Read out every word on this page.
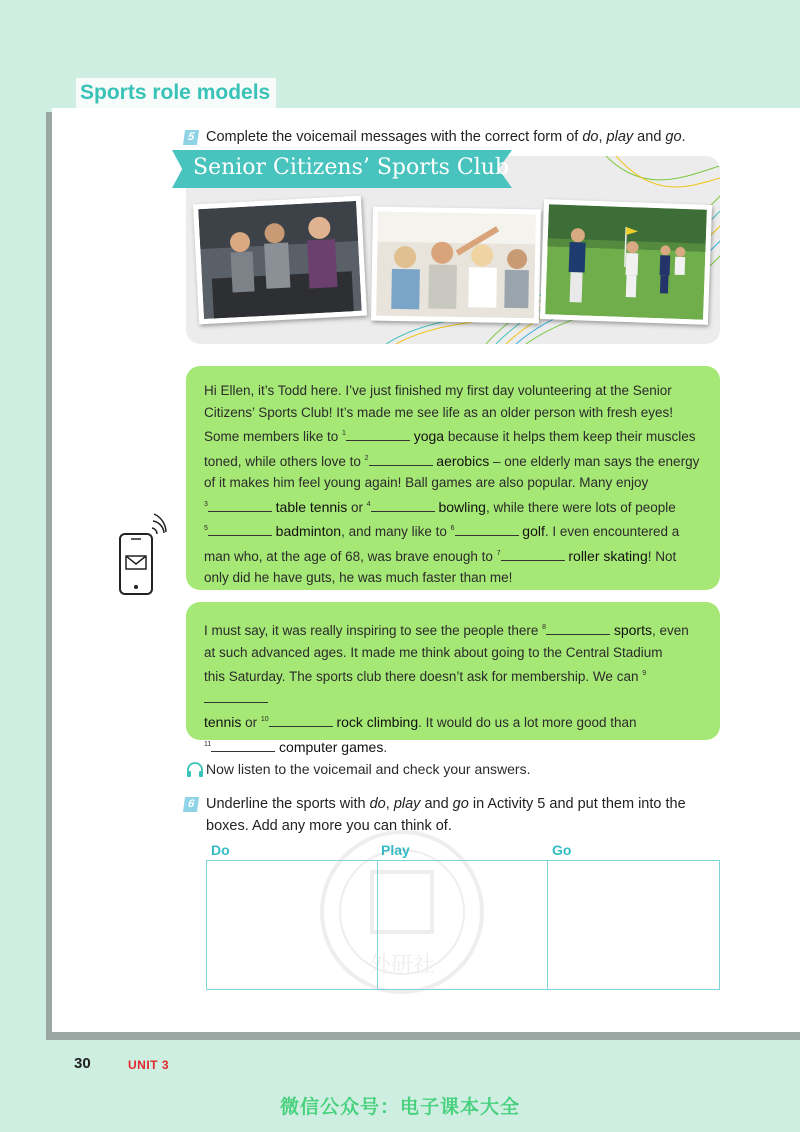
Sports role models
5 Complete the voicemail messages with the correct form of do, play and go.
Senior Citizens’ Sports Club
Hi Ellen, it’s Todd here. I’ve just finished my first day volunteering at the Senior
Citizens’ Sports Club! It’s made me see life as an older person with fresh eyes!
Some members like to $^1$	yoga because it helps them keep their muscles
toned, while others love to $^2$	aerobics – one elderly man says the energy
of it makes him feel young again! Ball games are also popular. Many enjoy
$^3$	table tennis or $^4$	bowling, while there were lots of people
$^5$	badminton, and many like to $^6$	golf. I even encountered a
man who, at the age of 68, was brave enough to $^7$	roller skating! Not
only did he have guts, he was much faster than me!
I must say, it was really inspiring to see the people there $^8$	sports, even
at such advanced ages. It made me think about going to the Central Stadium
this Saturday. The sports club there doesn’t ask for membership. We can $^9$
tennis or $^{10}$	rock climbing. It would do us a lot more good than
$^{11}$	computer games.
Now listen to the voicemail and check your answers.
6 Underline the sports with do, play and go in Activity 5 and put them into the
boxes. Add any more you can think of.
Do	Play	Go
外研社
30	UNIT 3
微信公众号：电子课本大全
